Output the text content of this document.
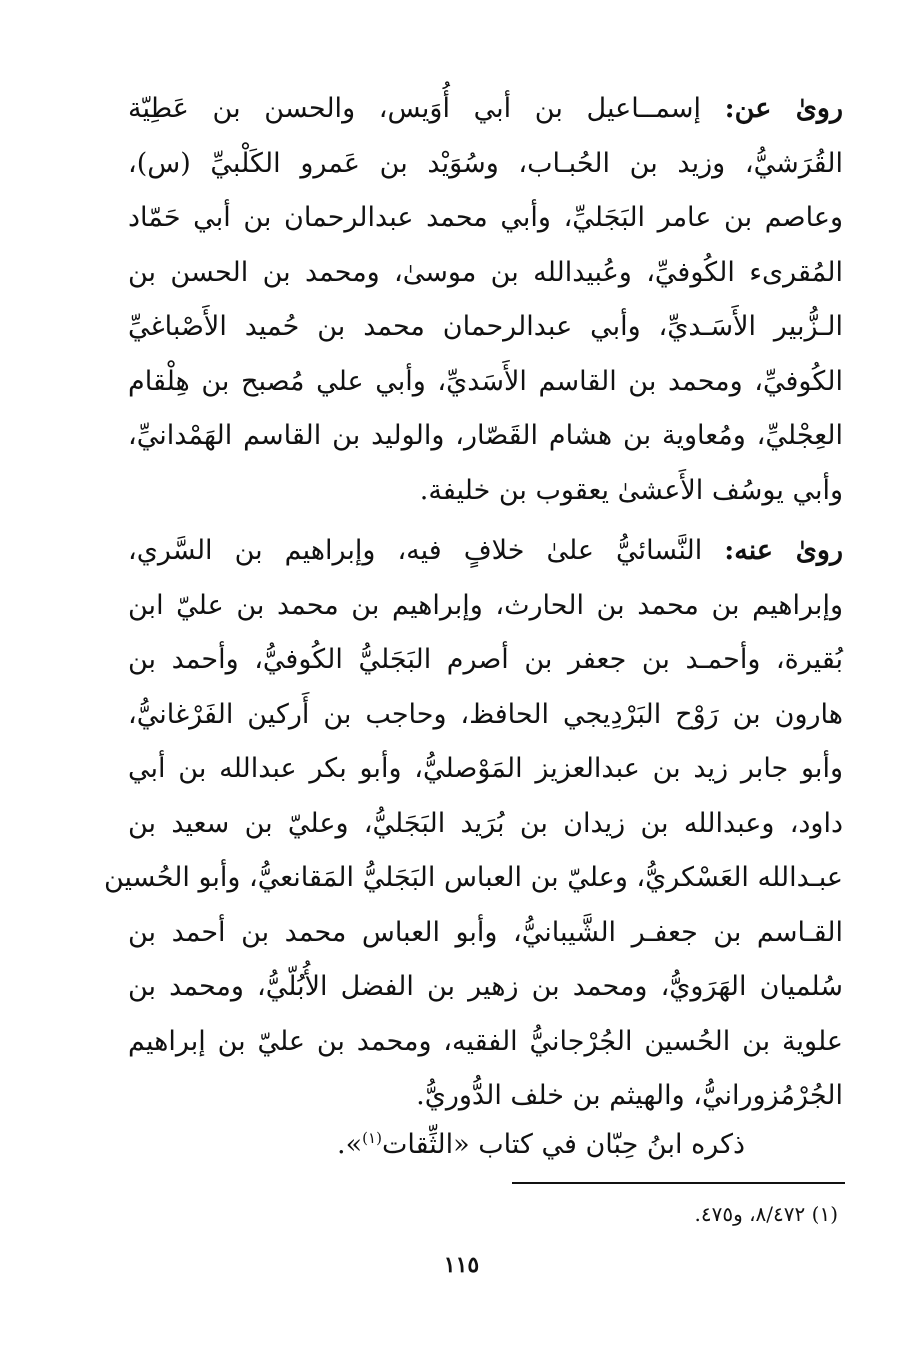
روىٰ عن: إسمــاعيل بن أبي أُوَيس، والحسن بن عَطِيّة
القُرَشيُّ، وزيد بن الحُبـاب، وسُوَيْد بن عَمرو الكَلْبيِّ (س)،
وعاصم بن عامر البَجَليِّ، وأبي محمد عبدالرحمان بن أبي حَمّاد
المُقرىء الكُوفيِّ، وعُبيدالله بن موسىٰ، ومحمد بن الحسن بن
الـزُّبير الأَسَـديِّ، وأبي عبدالرحمان محمد بن حُميد الأَصْباغيِّ
الكُوفيِّ، ومحمد بن القاسم الأَسَديِّ، وأبي علي مُصبح بن هِلْقام
العِجْليِّ، ومُعاوية بن هشام القَصّار، والوليد بن القاسم الهَمْدانيِّ،
وأبي يوسُف الأَعشىٰ يعقوب بن خليفة.
روىٰ عنه: النَّسائيُّ علىٰ خلافٍ فيه، وإبراهيم بن السَّري،
وإبراهيم بن محمد بن الحارث، وإبراهيم بن محمد بن عليّ ابن
بُقيرة، وأحمـد بن جعفر بن أصرم البَجَليُّ الكُوفيُّ، وأحمد بن
هارون بن رَوْح البَرْدِيجي الحافظ، وحاجب بن أَركين الفَرْغانيُّ،
وأبو جابر زيد بن عبدالعزيز المَوْصليُّ، وأبو بكر عبدالله بن أبي
داود، وعبدالله بن زيدان بن بُرَيد البَجَليُّ، وعليّ بن سعيد بن
عبـدالله العَسْكريُّ، وعليّ بن العباس البَجَليُّ المَقانعيُّ، وأبو الحُسين
القـاسم بن جعفـر الشَّيبانيُّ، وأبو العباس محمد بن أحمد بن
سُلميان الهَرَويُّ، ومحمد بن زهير بن الفضل الأُبُلّيُّ، ومحمد بن
علوية بن الحُسين الجُرْجانيُّ الفقيه، ومحمد بن عليّ بن إبراهيم
الجُرْمُزورانيُّ، والهيثم بن خلف الدُّوريُّ.
ذكره ابنُ حِبّان في كتاب «الثِّقات$^{(١)}$».
(١) ٨/٤٧٢، و٤٧٥.
١١٥
